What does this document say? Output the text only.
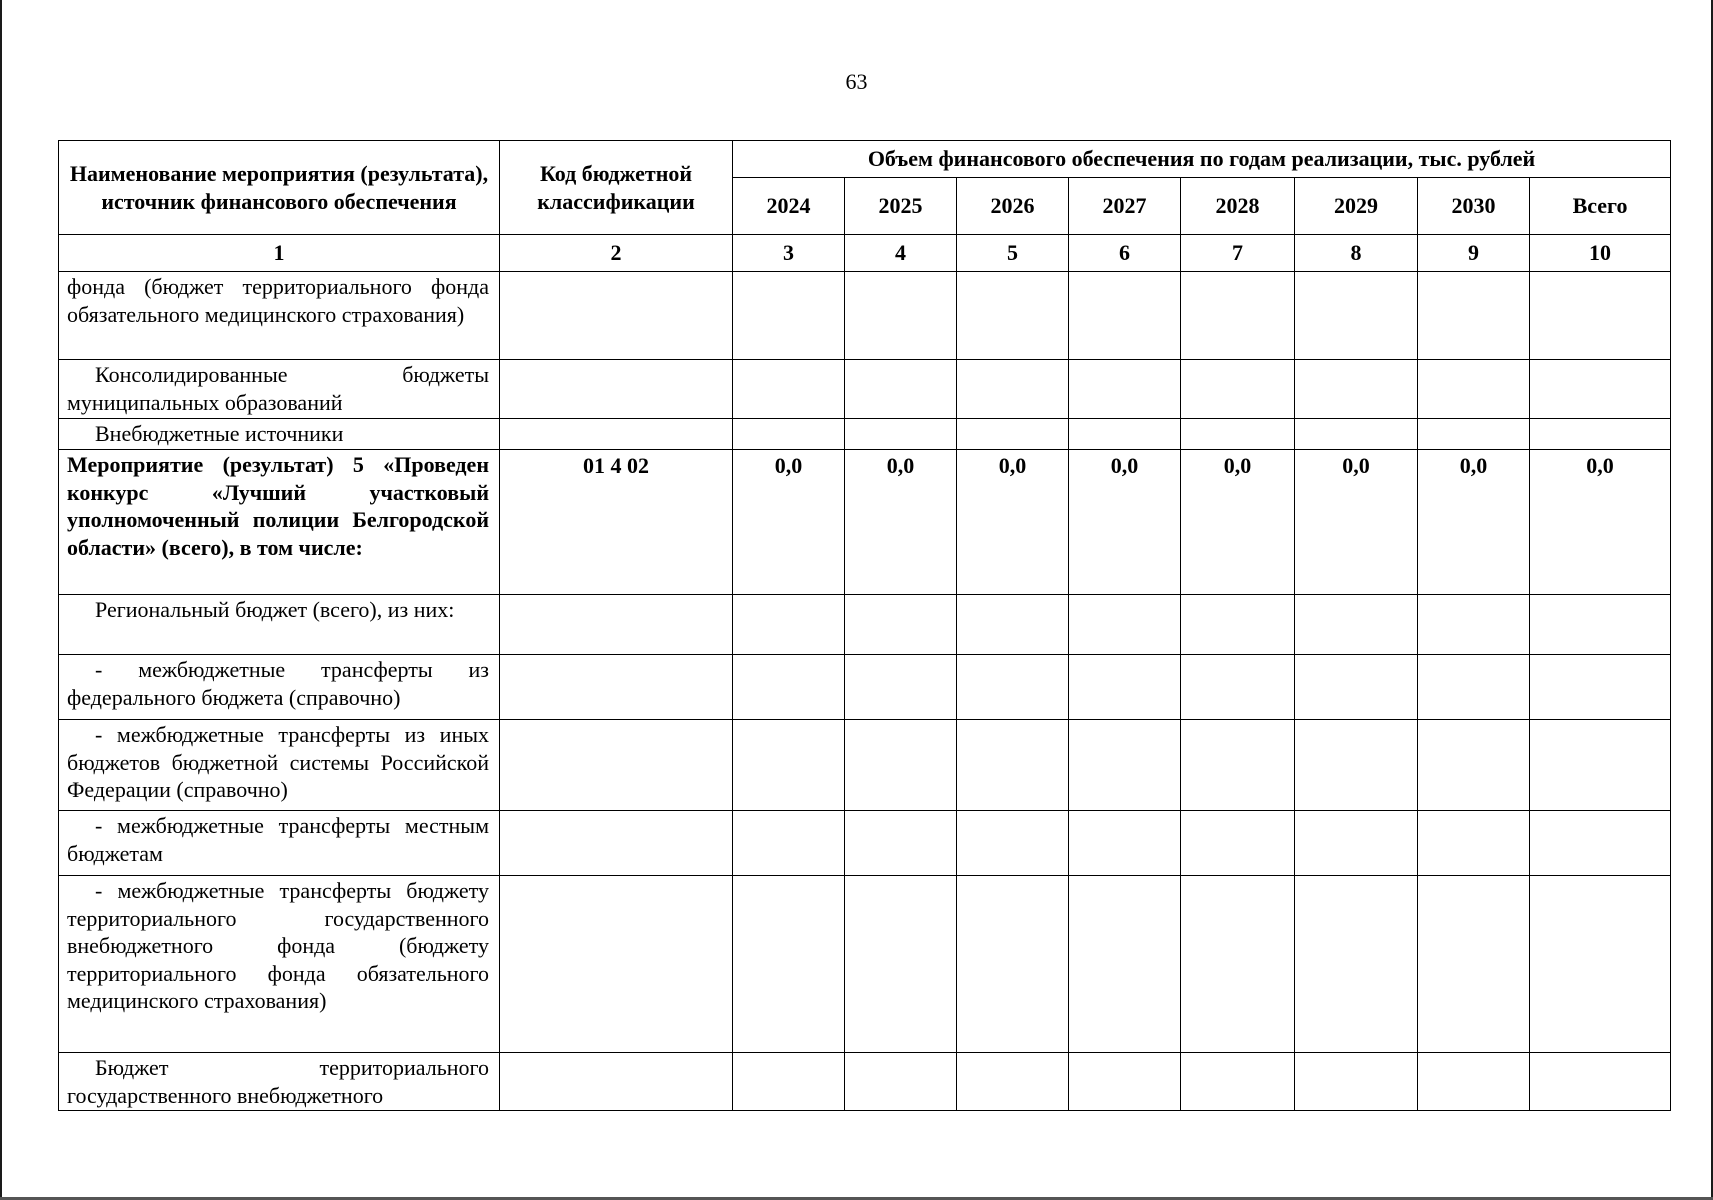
63
Наименование мероприятия (результата), источник финансового обеспечения	Код бюджетной классификации	Объем финансового обеспечения по годам реализации, тыс. рублей							
		2024	2025	2026	2027	2028	2029	2030	Всего
1	2	3	4	5	6	7	8	9	10
фонда (бюджет территориального фонда обязательного медицинского страхования)									
Консолидированные бюджеты муниципальных образований									
Внебюджетные источники									
Мероприятие (результат) 5 «Проведен конкурс «Лучший участковый уполномоченный полиции Белгородской области» (всего), в том числе:	01 4 02	0,0	0,0	0,0	0,0	0,0	0,0	0,0	0,0
Региональный бюджет (всего), из них:									
- межбюджетные трансферты из федерального бюджета (справочно)									
- межбюджетные трансферты из иных бюджетов бюджетной системы Российской Федерации (справочно)									
- межбюджетные трансферты местным бюджетам									
- межбюджетные трансферты бюджету территориального государственного внебюджетного фонда (бюджету территориального фонда обязательного медицинского страхования)									
Бюджет территориального государственного внебюджетного									
